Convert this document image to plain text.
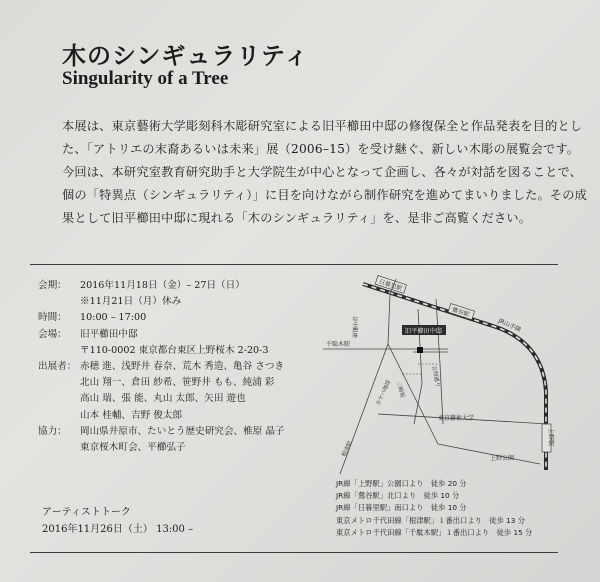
木のシンギュラリティ
Singularity of a Tree
本展は、東京藝術大学彫刻科木彫研究室による旧平櫛田中邸の修復保全と作品発表を目的とし
た、「アトリエの末裔あるいは未来」展（2006–15）を受け継ぐ、新しい木彫の展覧会です。
今回は、本研究室教育研究助手と大学院生が中心となって企画し、各々が対話を図ることで、
個の「特異点（シンギュラリティ）」に目を向けながら制作研究を進めてまいりました。その成
果として旧平櫛田中邸に現れる「木のシンギュラリティ」を、是非ご高覧ください。
会期：	2016年11月18日（金）– 27日（日）
※11月21日（月）休み
時間：	10:00 – 17:00
会場：	旧平櫛田中邸
〒110-0002 東京都台東区上野桜木 2-20-3
出展者： 赤穂 進、浅野井 春奈、荒木 秀造、亀谷 さつき
北山 翔一、倉田 紗希、笹野井 もも、純浦 彩
高山 瑞、張 能、丸山 太郎、矢田 遊也
山本 桂輔、吉野 俊太郎
協力：	岡山県井原市、たいとう歴史研究会、椎原 晶子
東京桜木町会、平櫛弘子
アーティストトーク
2016年11月26日（土） 13:00 –
日暮里駅
鶯谷駅
JR山手線
上野駅
旧平櫛田中邸
千駄木駅
谷中銀座
三崎坂
言問通り
カヤバ珈琲
根津駅
東京藝術大学
上野公園
JR線「上野駅」公園口より　徒歩 20 分
JR線「鶯谷駅」北口より　徒歩 10 分
JR線「日暮里駅」南口より　徒歩 10 分
東京メトロ千代田線「根津駅」１番出口より　徒歩 13 分
東京メトロ千代田線「千駄木駅」１番出口より　徒歩 15 分
